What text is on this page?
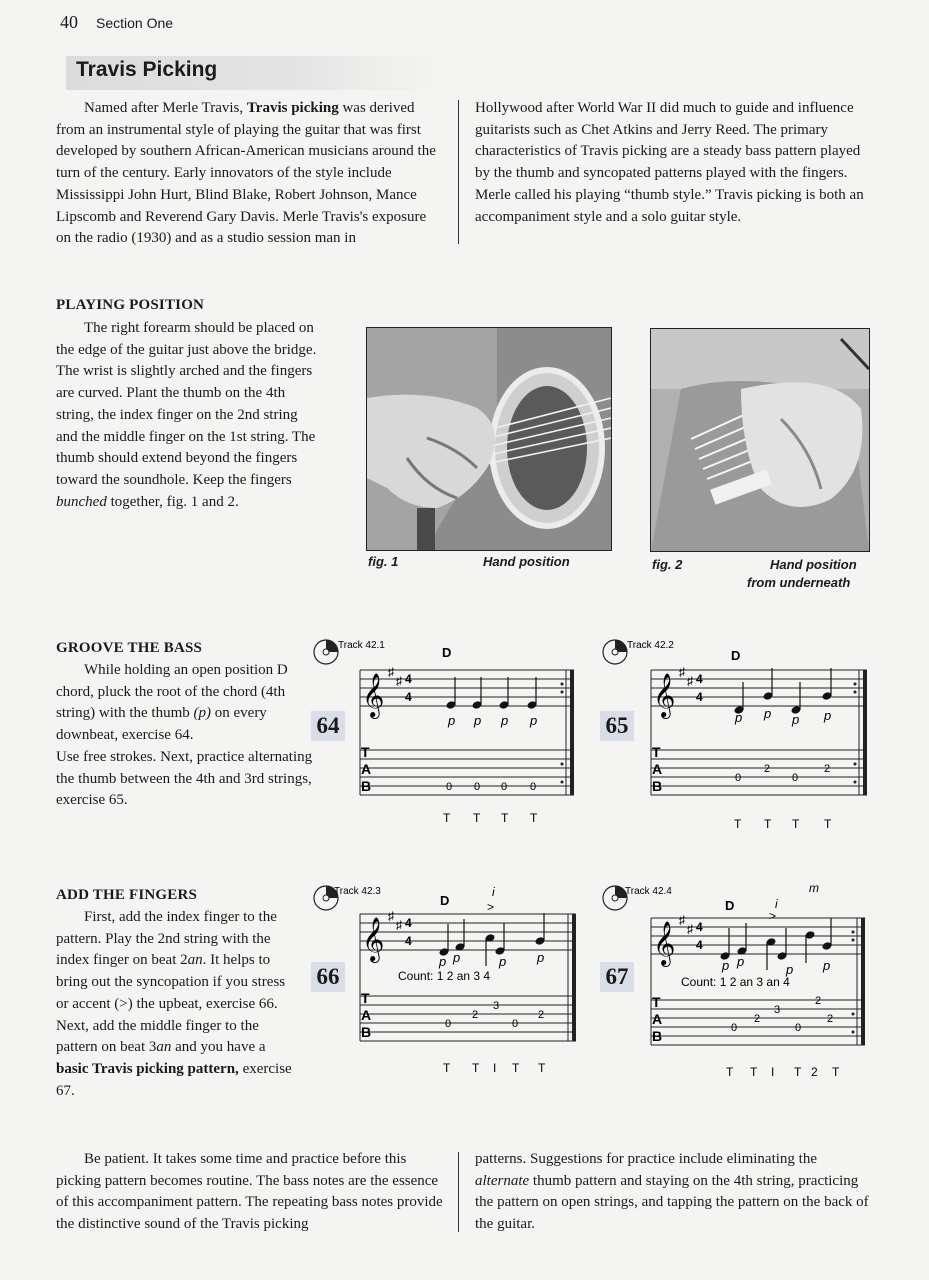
40 Section One
Travis Picking

Named after Merle Travis, Travis picking was derived from an instrumental style of playing the guitar that was first developed by southern African-American musicians around the turn of the century. Early innovators of the style include Mississippi John Hurt, Blind Blake, Robert Johnson, Mance Lipscomb and Reverend Gary Davis. Merle Travis's exposure on the radio (1930) and as a studio session man in

Hollywood after World War II did much to guide and influence guitarists such as Chet Atkins and Jerry Reed. The primary characteristics of Travis picking are a steady bass pattern played by the thumb and syncopated patterns played with the fingers. Merle called his playing “thumb style.” Travis picking is both an accompaniment style and a solo guitar style.

PLAYING POSITION

The right forearm should be placed on the edge of the guitar just above the bridge. The wrist is slightly arched and the fingers are curved. Plant the thumb on the 4th string, the index finger on the 2nd string and the middle finger on the 1st string. The thumb should extend beyond the fingers toward the soundhole. Keep the fingers bunched together, fig. 1 and 2.

fig. 1	Hand position	fig. 2	Hand position
from underneath
GROOVE THE BASS

While holding an open position D chord, pluck the root of the chord (4th string) with the thumb (p) on every downbeat, exercise 64.

Use free strokes. Next, practice alternating the thumb between the 4th and 3rd strings, exercise 65.

ADD THE FINGERS

First, add the index finger to the pattern. Play the 2nd string with the index finger on beat 2an. It helps to bring out the syncopation if you stress or accent (>) the upbeat, exercise 66. Next, add the middle finger to the pattern on beat 3an and you have a basic Travis picking pattern, exercise 67.

64
Track 42.1	D
𝄞
♯
♯ 4
4
p p p p
0 0 0 0
T T T T
T
A
B
65
Track 42.2
D
𝄞
♯
♯ 4
4
p p p p
0
2
0
2
T T T T
T
A
B
66
Track 42.3
D
i
>
𝄞
♯
♯ 4
4
p p	p p
0
2
3
0
2
T T I T T
Count: 1 2 an 3 4
T
A
B
67
Track 42.4
D	i
m
>
𝄞
♯
♯ 4
4
p p
p p
0
2
3
0
2
2
T T I T 2 T
Count: 1 2 an 3 an 4
T
A
B

Be patient. It takes some time and practice before this picking pattern becomes routine. The bass notes are the essence of this accompaniment pattern. The repeating bass notes provide the distinctive sound of the Travis picking

patterns. Suggestions for practice include eliminating the alternate thumb pattern and staying on the 4th string, practicing the pattern on open strings, and tapping the pattern on the back of the guitar.
